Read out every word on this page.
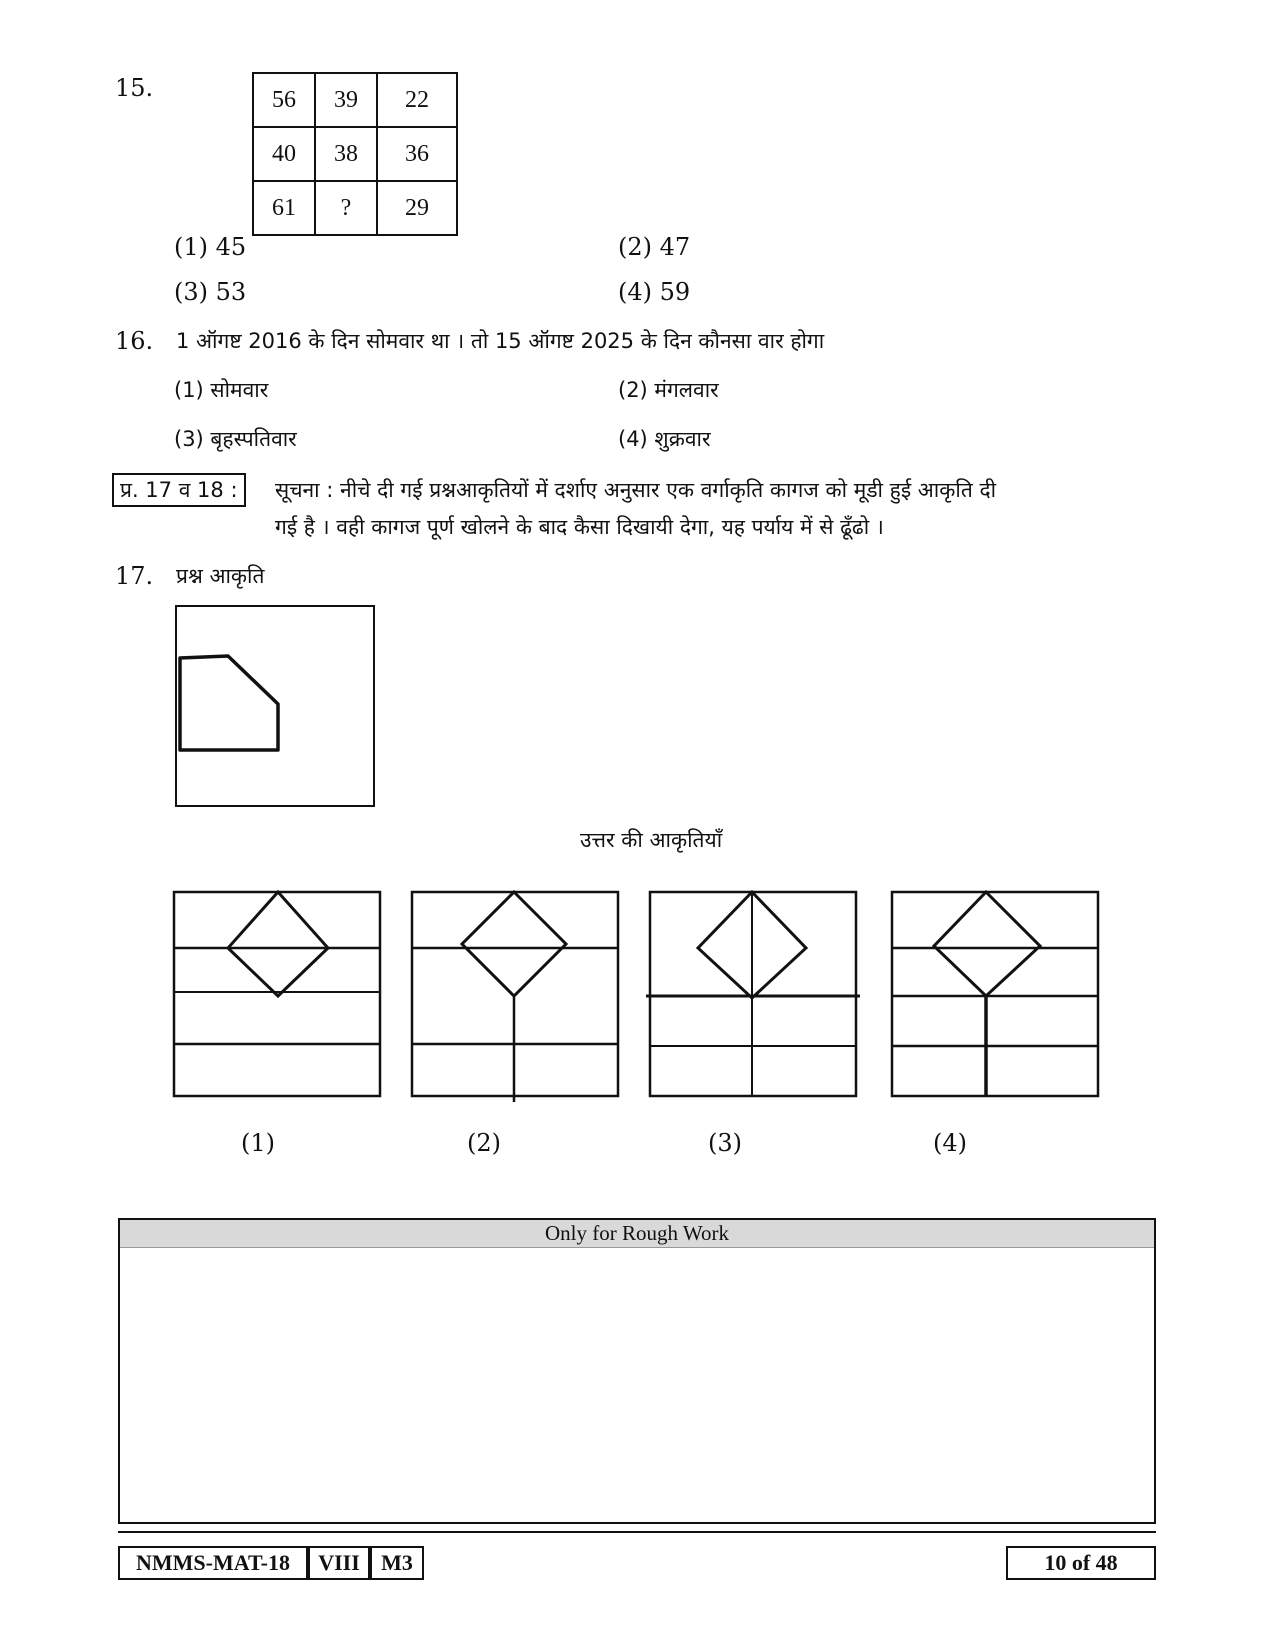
15.	56	39	22
40	38	36
61	?	29
(1) 45	(2) 47
(3) 53	(4) 59
16. 1 ऑगष्ट 2016 के दिन सोमवार था । तो 15 ऑगष्ट 2025 के दिन कौनसा वार होगा
(1) सोमवार	(2) मंगलवार
(3) बृहस्पतिवार	(4) शुक्रवार
प्र. 17 व 18 :	सूचना : नीचे दी गई प्रश्नआकृतियों में दर्शाए अनुसार एक वर्गाकृति कागज को मूडी हुई आकृति दी
गई है । वही कागज पूर्ण खोलने के बाद कैसा दिखायी देगा, यह पर्याय में से ढूँढो ।
17. प्रश्न आकृति
उत्तर की आकृतियाँ
(1)	(2)	(3)	(4)
Only for Rough Work
NMMS-MAT-18	VIII M3	10 of 48
